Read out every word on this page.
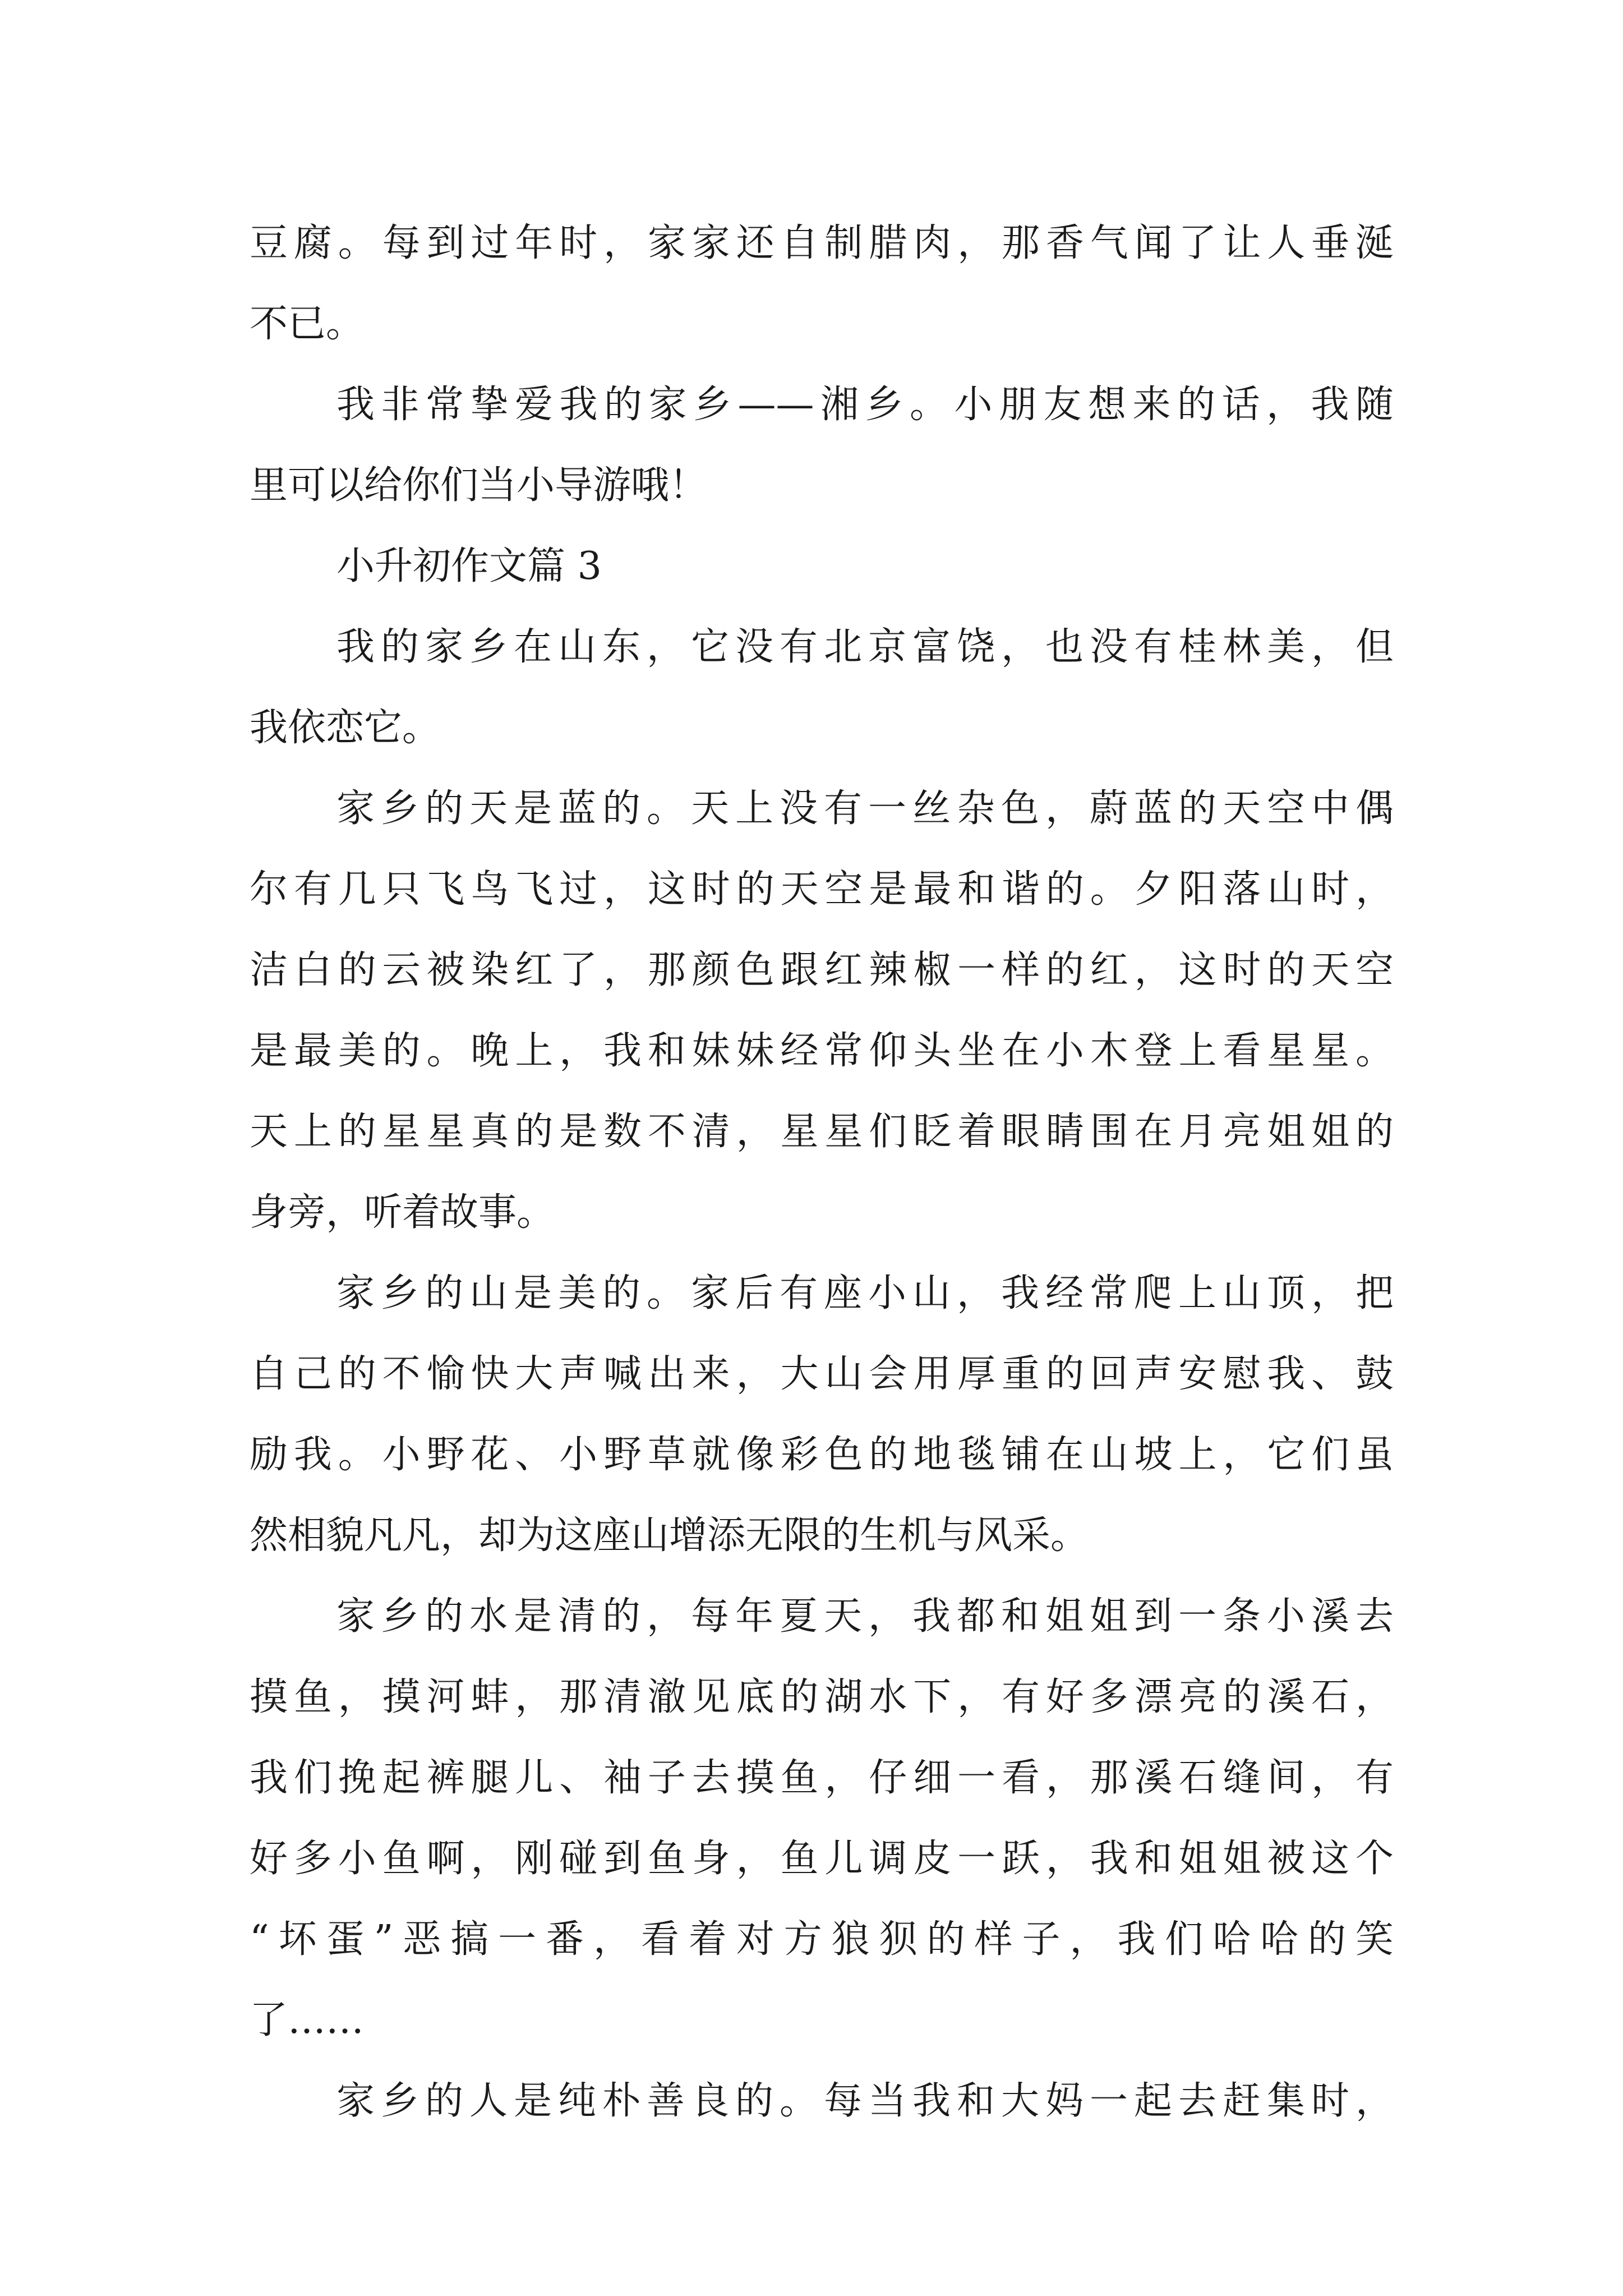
豆腐。每到过年时，家家还自制腊肉，那香气闻了让人垂涎
不已。
我非常挚爱我的家乡——湘乡。小朋友想来的话，我随
里可以给你们当小导游哦！
小升初作文篇 3
我的家乡在山东，它没有北京富饶，也没有桂林美，但
我依恋它。
家乡的天是蓝的。天上没有一丝杂色，蔚蓝的天空中偶
尔有几只飞鸟飞过，这时的天空是最和谐的。夕阳落山时，
洁白的云被染红了，那颜色跟红辣椒一样的红，这时的天空
是最美的。晚上，我和妹妹经常仰头坐在小木登上看星星。
天上的星星真的是数不清，星星们眨着眼睛围在月亮姐姐的
身旁，听着故事。
家乡的山是美的。家后有座小山，我经常爬上山顶，把
自己的不愉快大声喊出来，大山会用厚重的回声安慰我、鼓
励我。小野花、小野草就像彩色的地毯铺在山坡上，它们虽
然相貌凡凡，却为这座山增添无限的生机与风采。
家乡的水是清的，每年夏天，我都和姐姐到一条小溪去
摸鱼，摸河蚌，那清澈见底的湖水下，有好多漂亮的溪石，
我们挽起裤腿儿、袖子去摸鱼，仔细一看，那溪石缝间，有
好多小鱼啊，刚碰到鱼身，鱼儿调皮一跃，我和姐姐被这个
“坏蛋”恶搞一番，看着对方狼狈的样子，我们哈哈的笑
了……
家乡的人是纯朴善良的。每当我和大妈一起去赶集时，
